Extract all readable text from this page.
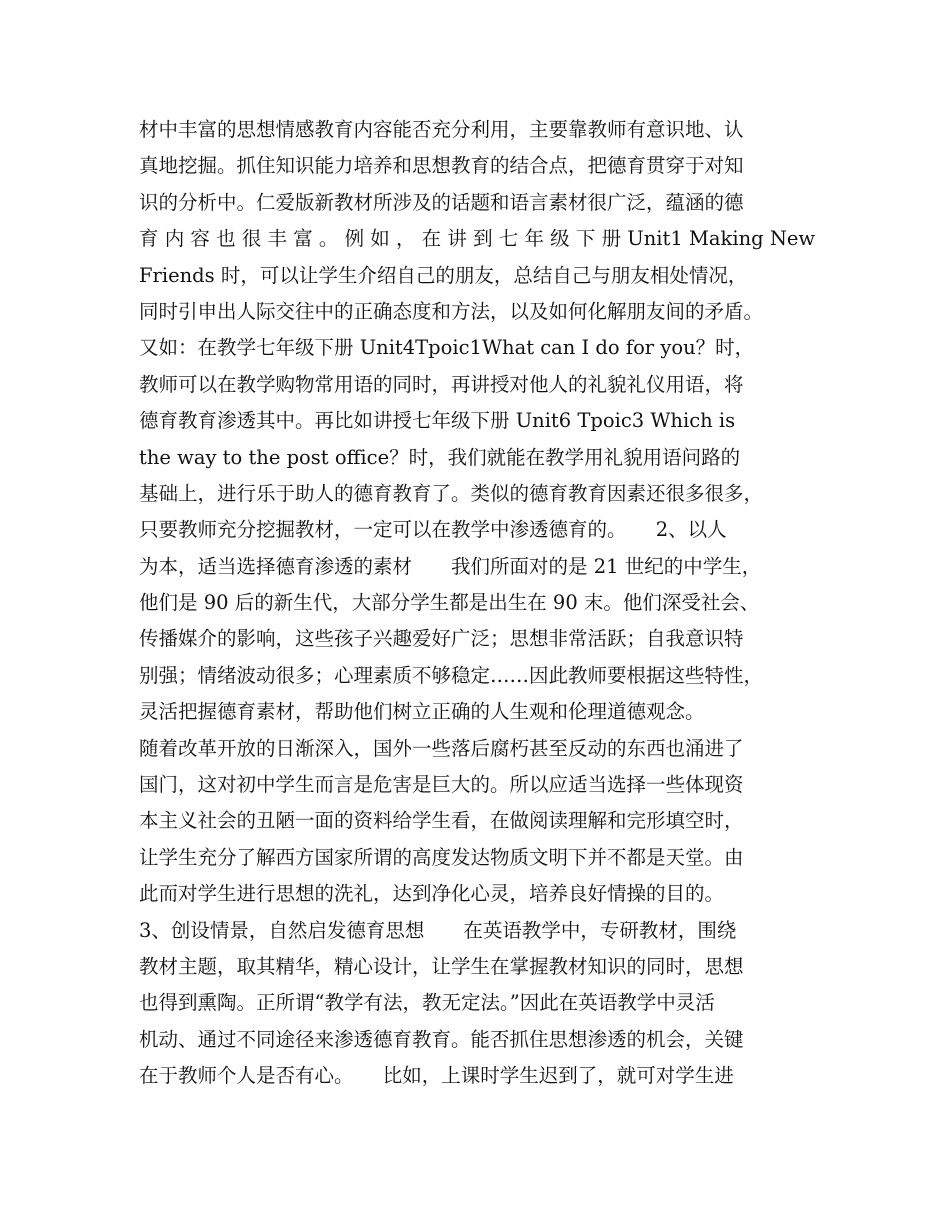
材中丰富的思想情感教育内容能否充分利用，主要靠教师有意识地、认
真地挖掘。抓住知识能力培养和思想教育的结合点，把德育贯穿于对知
识的分析中。仁爱版新教材所涉及的话题和语言素材很广泛，蕴涵的德
育 内 容 也 很 丰 富 。 例 如 ， 在 讲 到 七 年 级 下 册 Unit1 Making New
Friends 时，可以让学生介绍自己的朋友，总结自己与朋友相处情况，
同时引申出人际交往中的正确态度和方法，以及如何化解朋友间的矛盾。
又如：在教学七年级下册 Unit4Tpoic1What can I do for you？时，
教师可以在教学购物常用语的同时，再讲授对他人的礼貌礼仪用语，将
德育教育渗透其中。再比如讲授七年级下册 Unit6 Tpoic3 Which is
the way to the post office？时，我们就能在教学用礼貌用语问路的
基础上，进行乐于助人的德育教育了。类似的德育教育因素还很多很多，
只要教师充分挖掘教材，一定可以在教学中渗透德育的。　　2、以人
为本，适当选择德育渗透的素材　　我们所面对的是 21 世纪的中学生，
他们是 90 后的新生代，大部分学生都是出生在 90 末。他们深受社会、
传播媒介的影响，这些孩子兴趣爱好广泛；思想非常活跃；自我意识特
别强；情绪波动很多；心理素质不够稳定……因此教师要根据这些特性，
灵活把握德育素材，帮助他们树立正确的人生观和伦理道德观念。
随着改革开放的日渐深入，国外一些落后腐朽甚至反动的东西也涌进了
国门，这对初中学生而言是危害是巨大的。所以应适当选择一些体现资
本主义社会的丑陋一面的资料给学生看，在做阅读理解和完形填空时，
让学生充分了解西方国家所谓的高度发达物质文明下并不都是天堂。由
此而对学生进行思想的洗礼，达到净化心灵，培养良好情操的目的。
3、创设情景，自然启发德育思想　　在英语教学中，专研教材，围绕
教材主题，取其精华，精心设计，让学生在掌握教材知识的同时，思想
也得到熏陶。正所谓“教学有法，教无定法。”因此在英语教学中灵活
机动、通过不同途径来渗透德育教育。能否抓住思想渗透的机会，关键
在于教师个人是否有心。　　比如，上课时学生迟到了，就可对学生进
